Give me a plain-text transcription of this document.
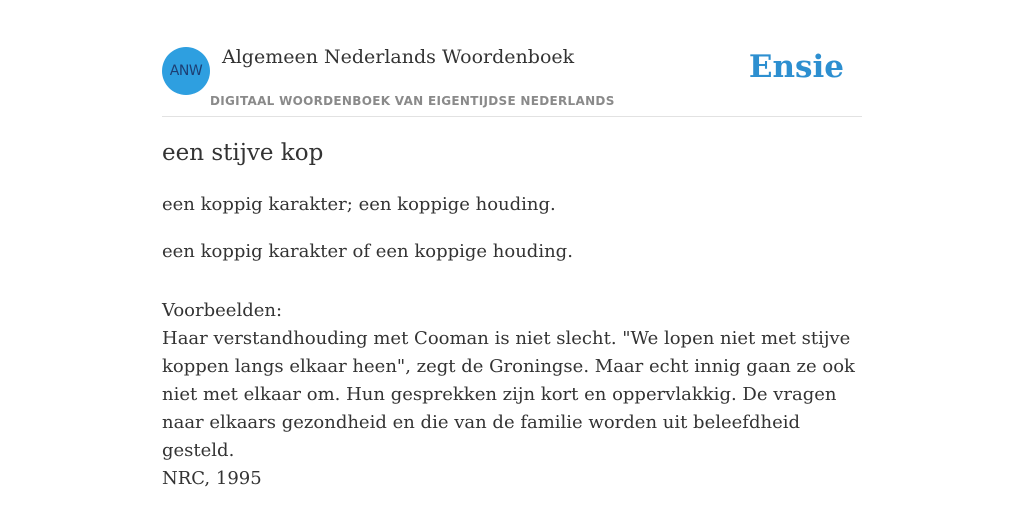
ANW
Algemeen Nederlands Woordenboek
DIGITAAL WOORDENBOEK VAN EIGENTIJDSE NEDERLANDS
Ensie
een stijve kop
een koppig karakter; een koppige houding.
een koppig karakter of een koppige houding.
Voorbeelden:
Haar verstandhouding met Cooman is niet slecht. "We lopen niet met stijve koppen langs elkaar heen", zegt de Groningse. Maar echt innig gaan ze ook niet met elkaar om. Hun gesprekken zijn kort en oppervlakkig. De vragen naar elkaars gezondheid en die van de familie worden uit beleefdheid gesteld.
NRC, 1995
